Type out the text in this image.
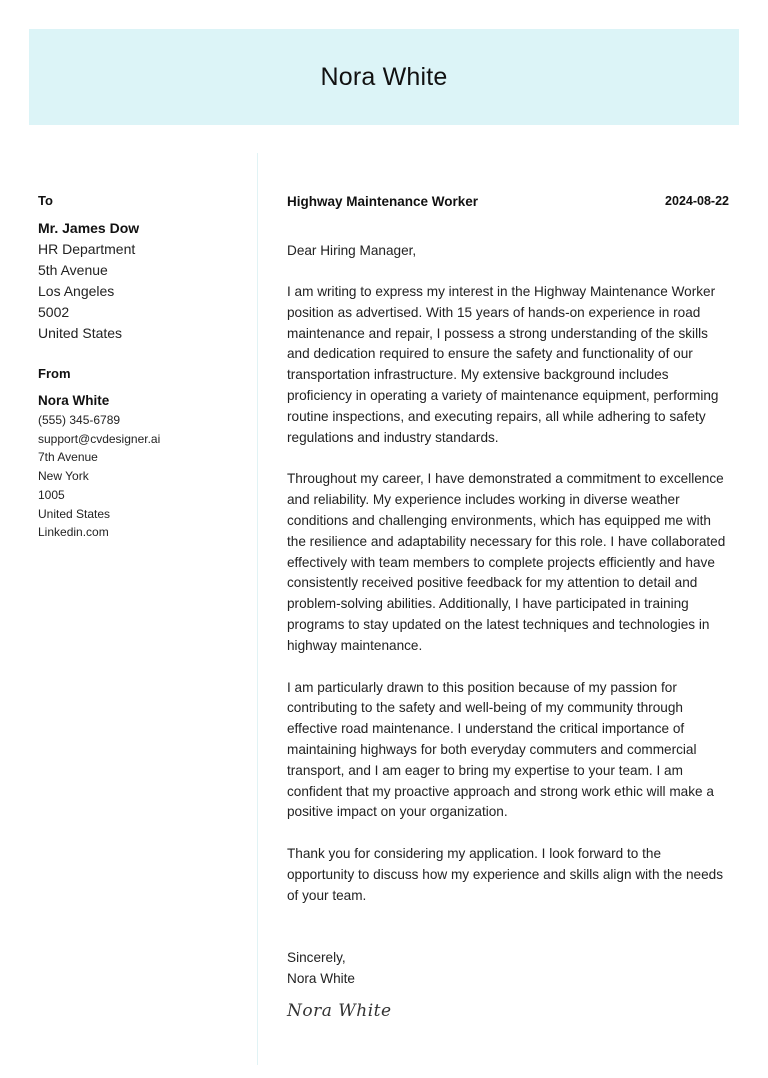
Nora White
To
Mr. James Dow
HR Department
5th Avenue
Los Angeles
5002
United States
From
Nora White
(555) 345-6789
support@cvdesigner.ai
7th Avenue
New York
1005
United States
Linkedin.com
Highway Maintenance Worker	2024-08-22
Dear Hiring Manager,
I am writing to express my interest in the Highway Maintenance Worker position as advertised. With 15 years of hands-on experience in road maintenance and repair, I possess a strong understanding of the skills and dedication required to ensure the safety and functionality of our transportation infrastructure. My extensive background includes proficiency in operating a variety of maintenance equipment, performing routine inspections, and executing repairs, all while adhering to safety regulations and industry standards.
Throughout my career, I have demonstrated a commitment to excellence and reliability. My experience includes working in diverse weather conditions and challenging environments, which has equipped me with the resilience and adaptability necessary for this role. I have collaborated effectively with team members to complete projects efficiently and have consistently received positive feedback for my attention to detail and problem-solving abilities. Additionally, I have participated in training programs to stay updated on the latest techniques and technologies in highway maintenance.
I am particularly drawn to this position because of my passion for contributing to the safety and well-being of my community through effective road maintenance. I understand the critical importance of maintaining highways for both everyday commuters and commercial transport, and I am eager to bring my expertise to your team. I am confident that my proactive approach and strong work ethic will make a positive impact on your organization.
Thank you for considering my application. I look forward to the opportunity to discuss how my experience and skills align with the needs of your team.
Sincerely,
Nora White
Nora White
